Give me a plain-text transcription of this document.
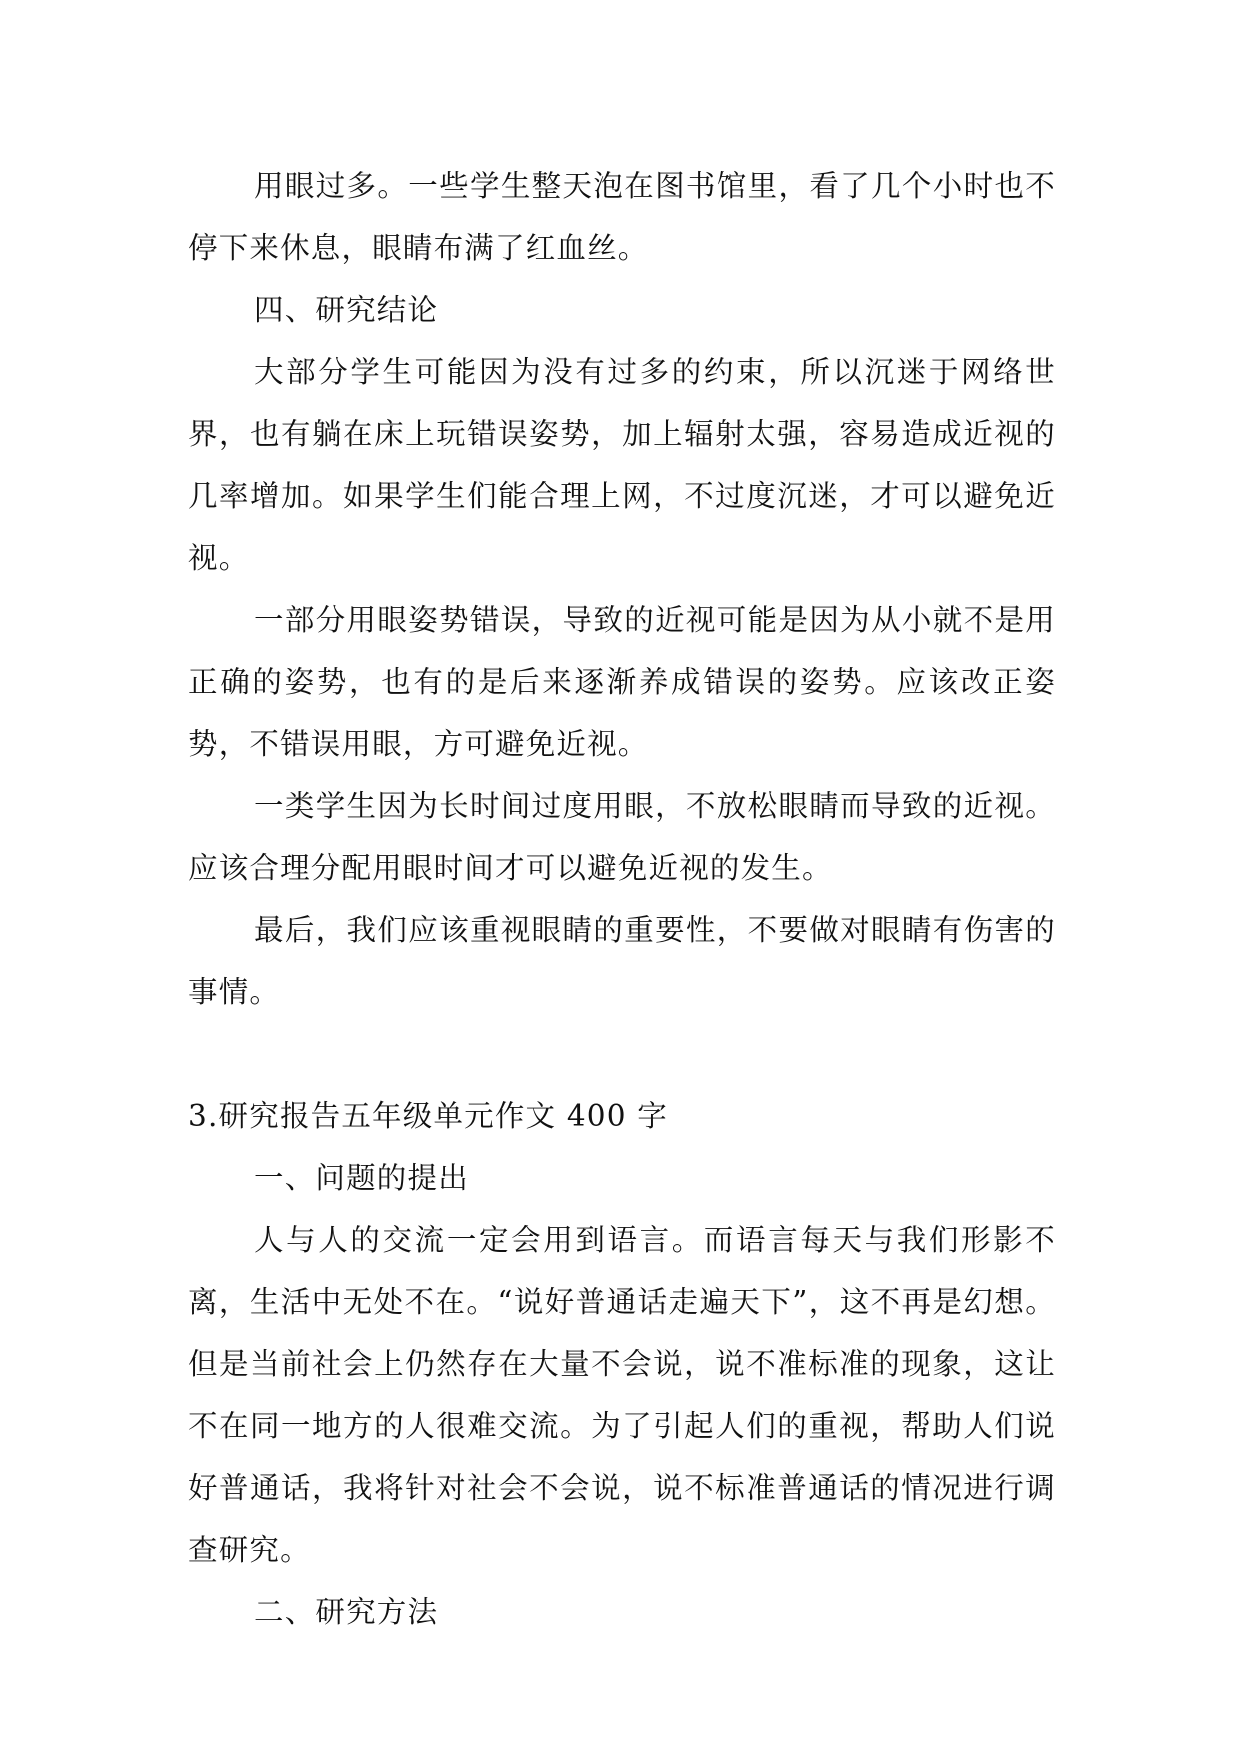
用眼过多。一些学生整天泡在图书馆里，看了几个小时也不停下来休息，眼睛布满了红血丝。

四、研究结论

大部分学生可能因为没有过多的约束，所以沉迷于网络世界，也有躺在床上玩错误姿势，加上辐射太强，容易造成近视的几率增加。如果学生们能合理上网，不过度沉迷，才可以避免近视。

一部分用眼姿势错误，导致的近视可能是因为从小就不是用正确的姿势，也有的是后来逐渐养成错误的姿势。应该改正姿势，不错误用眼，方可避免近视。

一类学生因为长时间过度用眼，不放松眼睛而导致的近视。应该合理分配用眼时间才可以避免近视的发生。

最后，我们应该重视眼睛的重要性，不要做对眼睛有伤害的事情。

3.研究报告五年级单元作文 400 字

一、问题的提出

人与人的交流一定会用到语言。而语言每天与我们形影不离，生活中无处不在。“说好普通话走遍天下”，这不再是幻想。但是当前社会上仍然存在大量不会说，说不准标准的现象，这让不在同一地方的人很难交流。为了引起人们的重视，帮助人们说好普通话，我将针对社会不会说，说不标准普通话的情况进行调查研究。

二、研究方法
